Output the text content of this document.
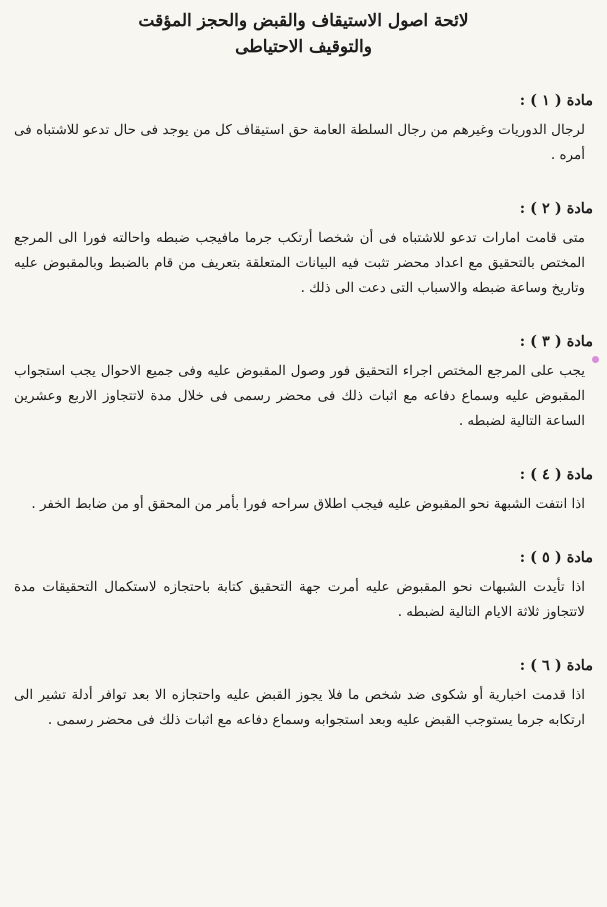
لائحة اصول الاستيقاف والقبض والحجز المؤقت
والتوقيف الاحتياطى
مادة ( ١ ) :

لرجال الدوريات وغيرهم من رجال السلطة العامة حق استيقاف كل من يوجد فى حال تدعو للاشتباه فى أمره .

مادة ( ٢ ) :

متى قامت امارات تدعو للاشتباه فى أن شخصا أرتكب جرما مافيجب ضبطه واحالته فورا الى المرجع المختص بالتحقيق مع اعداد محضر تثبت فيه البيانات المتعلقة بتعريف من قام بالضبط وبالمقبوض عليه وتاريخ وساعة ضبطه والاسباب التى دعت الى ذلك .

مادة ( ٣ ) :

يجب على المرجع المختص اجراء التحقيق فور وصول المقبوض عليه وفى جميع الاحوال يجب استجواب المقبوض عليه وسماع دفاعه مع اثبات ذلك فى محضر رسمى فى خلال مدة لاتتجاوز الاربع وعشرين الساعة التالية لضبطه .

مادة ( ٤ ) :

اذا انتفت الشبهة نحو المقبوض عليه فيجب اطلاق سراحه فورا بأمر من المحقق أو من ضابط الخفر .

مادة ( ٥ ) :

اذا تأيدت الشبهات نحو المقبوض عليه أمرت جهة التحقيق كتابة باحتجازه لاستكمال التحقيقات مدة لاتتجاوز ثلاثة الايام التالية لضبطه .

مادة ( ٦ ) :

اذا قدمت اخبارية أو شكوى ضد شخص ما فلا يجوز القبض عليه واحتجازه الا بعد توافر أدلة تشير الى ارتكابه جرما يستوجب القبض عليه وبعد استجوابه وسماع دفاعه مع اثبات ذلك فى محضر رسمى .
